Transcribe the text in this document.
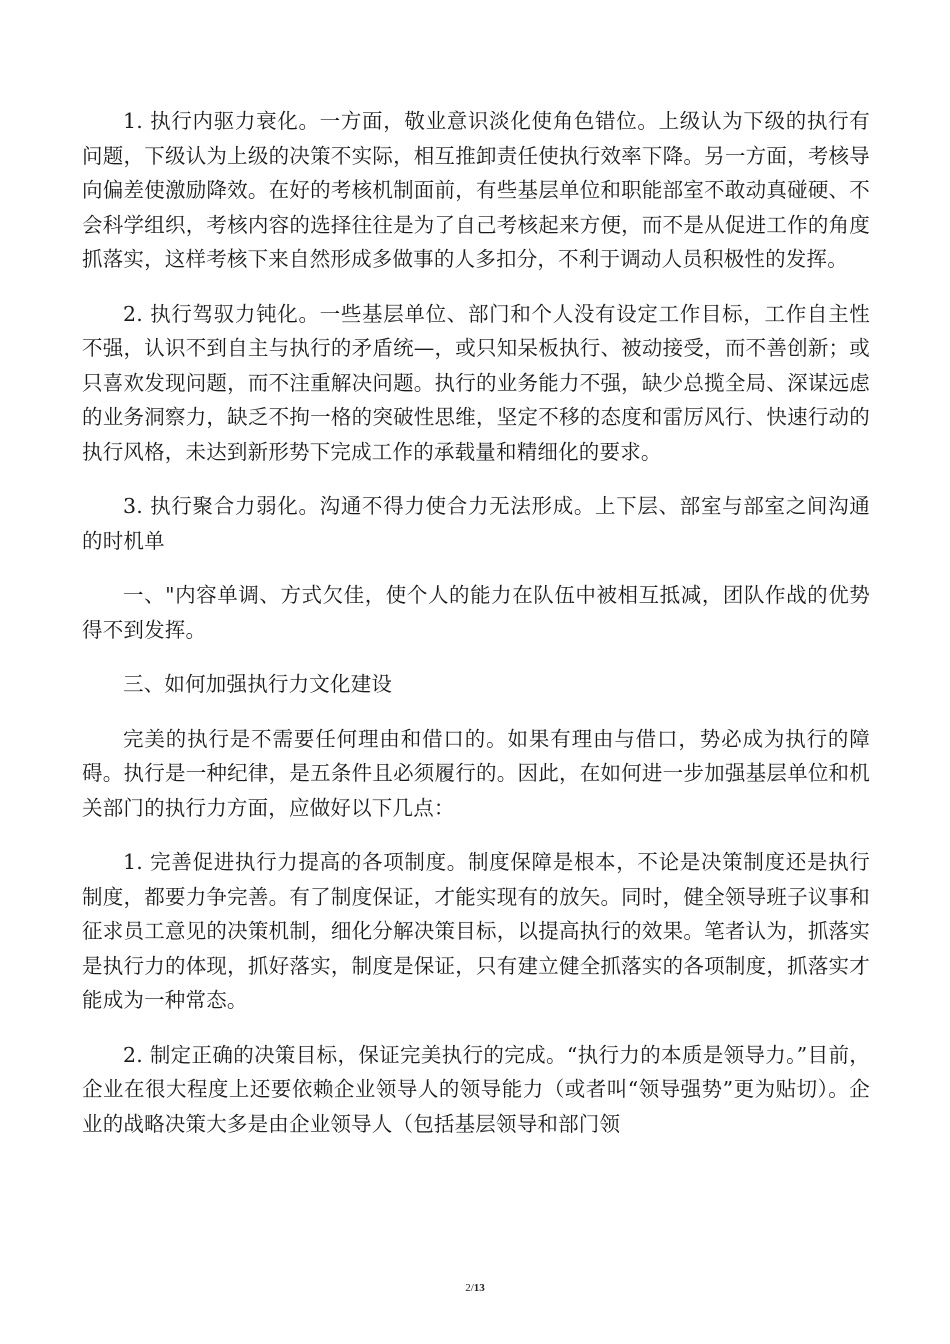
1. 执行内驱力衰化。一方面，敬业意识淡化使角色错位。上级认为下级的执行有问题，下级认为上级的决策不实际，相互推卸责任使执行效率下降。另一方面，考核导向偏差使激励降效。在好的考核机制面前，有些基层单位和职能部室不敢动真碰硬、不会科学组织，考核内容的选择往往是为了自己考核起来方便，而不是从促进工作的角度抓落实，这样考核下来自然形成多做事的人多扣分，不利于调动人员积极性的发挥。

2. 执行驾驭力钝化。一些基层单位、部门和个人没有设定工作目标，工作自主性不强，认识不到自主与执行的矛盾统—，或只知呆板执行、被动接受，而不善创新；或只喜欢发现问题，而不注重解决问题。执行的业务能力不强，缺少总揽全局、深谋远虑的业务洞察力，缺乏不拘一格的突破性思维，坚定不移的态度和雷厉风行、快速行动的执行风格，未达到新形势下完成工作的承载量和精细化的要求。

3. 执行聚合力弱化。沟通不得力使合力无法形成。上下层、部室与部室之间沟通的时机单

一、"内容单调、方式欠佳，使个人的能力在队伍中被相互抵减，团队作战的优势得不到发挥。

三、如何加强执行力文化建设

完美的执行是不需要任何理由和借口的。如果有理由与借口，势必成为执行的障碍。执行是一种纪律，是五条件且必须履行的。因此，在如何进一步加强基层单位和机关部门的执行力方面，应做好以下几点：

1. 完善促进执行力提高的各项制度。制度保障是根本，不论是决策制度还是执行制度，都要力争完善。有了制度保证，才能实现有的放矢。同时，健全领导班子议事和征求员工意见的决策机制，细化分解决策目标，以提高执行的效果。笔者认为，抓落实是执行力的体现，抓好落实，制度是保证，只有建立健全抓落实的各项制度，抓落实才能成为一种常态。

2. 制定正确的决策目标，保证完美执行的完成。“执行力的本质是领导力。”目前，企业在很大程度上还要依赖企业领导人的领导能力（或者叫“领导强势”更为贴切）。企业的战略决策大多是由企业领导人（包括基层领导和部门领

2/13
